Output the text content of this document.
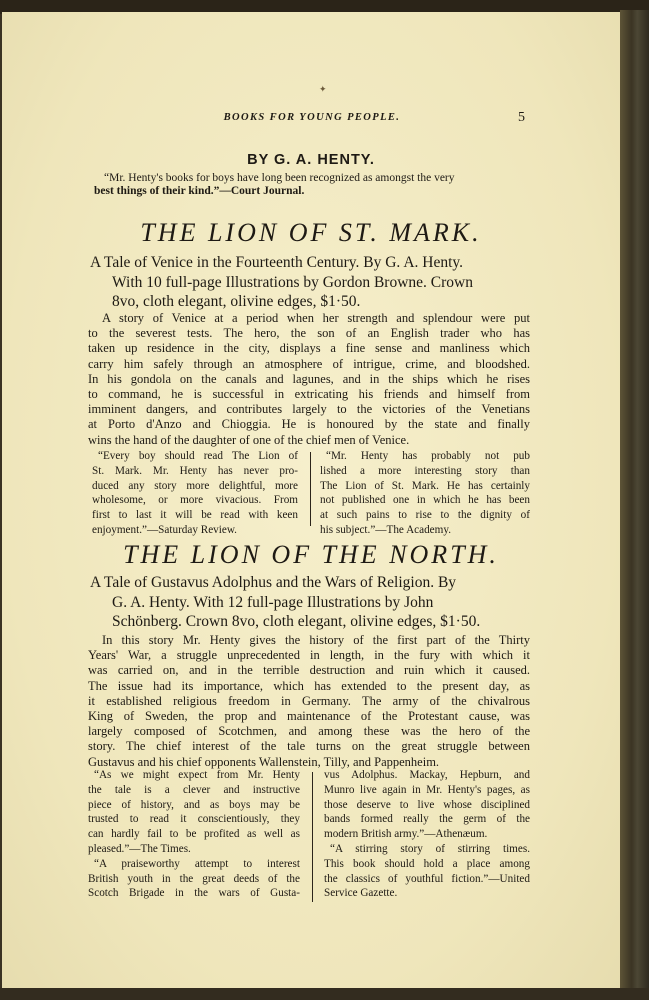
✦
BOOKS FOR YOUNG PEOPLE.	5
BY G. A. HENTY.
“Mr. Henty's books for boys have long been recognized as amongst the very
best things of their kind.”—Court Journal.
THE LION OF ST. MARK.
A Tale of Venice in the Fourteenth Century. By G. A. Henty.
With 10 full-page Illustrations by Gordon Browne. Crown
8vo, cloth elegant, olivine edges, $1·50.
A story of Venice at a period when her strength and splendour were put
to the severest tests. The hero, the son of an English trader who has
taken up residence in the city, displays a fine sense and manliness which
carry him safely through an atmosphere of intrigue, crime, and bloodshed.
In his gondola on the canals and lagunes, and in the ships which he rises
to command, he is successful in extricating his friends and himself from
imminent dangers, and contributes largely to the victories of the Venetians
at Porto d'Anzo and Chioggia. He is honoured by the state and finally
wins the hand of the daughter of one of the chief men of Venice.
“Every boy should read The Lion of
St. Mark. Mr. Henty has never pro-
duced any story more delightful, more
wholesome, or more vivacious. From
first to last it will be read with keen
enjoyment.”—Saturday Review.
“Mr. Henty has probably not pub
lished a more interesting story than
The Lion of St. Mark. He has certainly
not published one in which he has been
at such pains to rise to the dignity of
his subject.”—The Academy.
THE LION OF THE NORTH.
A Tale of Gustavus Adolphus and the Wars of Religion. By
G. A. Henty. With 12 full-page Illustrations by John
Schönberg. Crown 8vo, cloth elegant, olivine edges, $1·50.
In this story Mr. Henty gives the history of the first part of the Thirty
Years' War, a struggle unprecedented in length, in the fury with which it
was carried on, and in the terrible destruction and ruin which it caused.
The issue had its importance, which has extended to the present day, as
it established religious freedom in Germany. The army of the chivalrous
King of Sweden, the prop and maintenance of the Protestant cause, was
largely composed of Scotchmen, and among these was the hero of the
story. The chief interest of the tale turns on the great struggle between
Gustavus and his chief opponents Wallenstein, Tilly, and Pappenheim.
“As we might expect from Mr. Henty
the tale is a clever and instructive
piece of history, and as boys may be
trusted to read it conscientiously, they
can hardly fail to be profited as well as
pleased.”—The Times.
“A praiseworthy attempt to interest
British youth in the great deeds of the
Scotch Brigade in the wars of Gusta-
vus Adolphus. Mackay, Hepburn, and
Munro live again in Mr. Henty's pages, as
those deserve to live whose disciplined
bands formed really the germ of the
modern British army.”—Athenæum.
“A stirring story of stirring times.
This book should hold a place among
the classics of youthful fiction.”—United
Service Gazette.
